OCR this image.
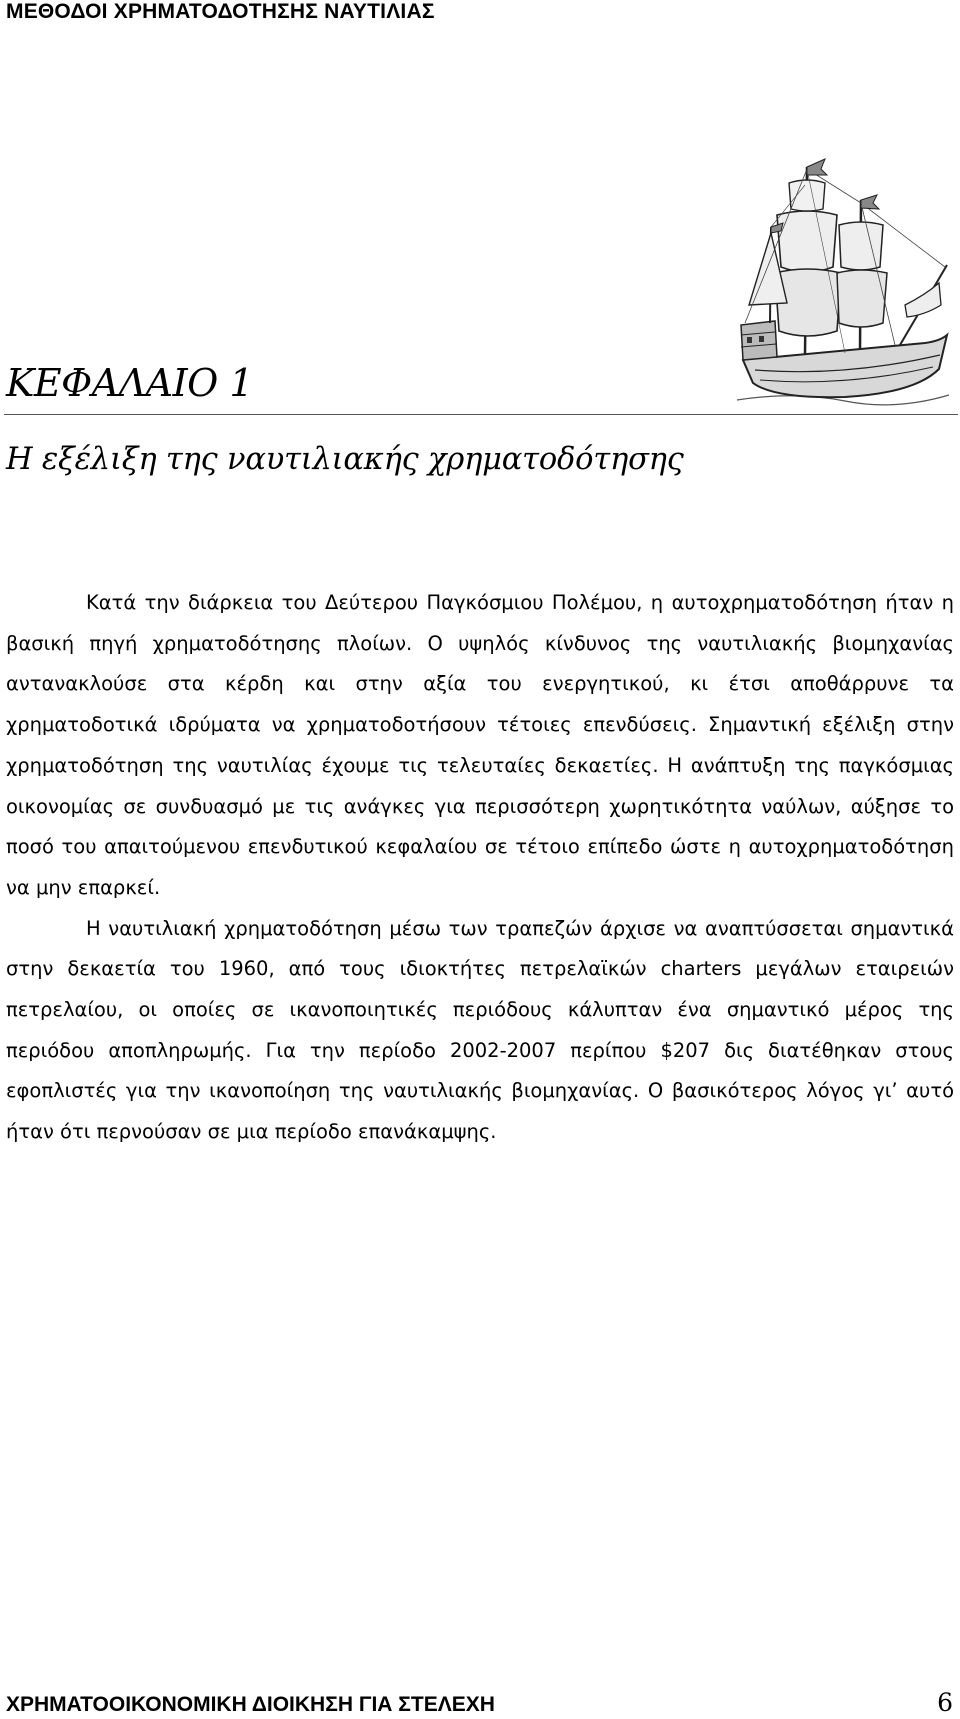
ΜΕΘΟΔΟΙ ΧΡΗΜΑΤΟΔΟΤΗΣΗΣ ΝΑΥΤΙΛΙΑΣ
ΚΕΦΑΛΑΙΟ 1
Η εξέλιξη της ναυτιλιακής χρηματοδότησης

Κατά την διάρκεια του Δεύτερου Παγκόσμιου Πολέμου, η αυτοχρηματοδότηση ήταν η βασική πηγή χρηματοδότησης πλοίων. Ο υψηλός κίνδυνος της ναυτιλιακής βιομηχανίας αντανακλούσε στα κέρδη και στην αξία του ενεργητικού, κι έτσι αποθάρρυνε τα χρηματοδοτικά ιδρύματα να χρηματοδοτήσουν τέτοιες επενδύσεις. Σημαντική εξέλιξη στην χρηματοδότηση της ναυτιλίας έχουμε τις τελευταίες δεκαετίες. Η ανάπτυξη της παγκόσμιας οικονομίας σε συνδυασμό με τις ανάγκες για περισσότερη χωρητικότητα ναύλων, αύξησε το ποσό του απαιτούμενου επενδυτικού κεφαλαίου σε τέτοιο επίπεδο ώστε η αυτοχρηματοδότηση να μην επαρκεί.

Η ναυτιλιακή χρηματοδότηση μέσω των τραπεζών άρχισε να αναπτύσσεται σημαντικά στην δεκαετία του 1960, από τους ιδιοκτήτες πετρελαϊκών charters μεγάλων εταιρειών πετρελαίου, οι οποίες σε ικανοποιητικές περιόδους κάλυπταν ένα σημαντικό μέρος της περιόδου αποπληρωμής. Για την περίοδο 2002-2007 περίπου $207 δις διατέθηκαν στους εφοπλιστές για την ικανοποίηση της ναυτιλιακής βιομηχανίας. Ο βασικότερος λόγος γι’ αυτό ήταν ότι περνούσαν σε μια περίοδο επανάκαμψης.

ΧΡΗΜΑΤΟΟΙΚΟΝΟΜΙΚΗ ΔΙΟΙΚΗΣΗ ΓΙΑ ΣΤΕΛΕΧΗ	6
